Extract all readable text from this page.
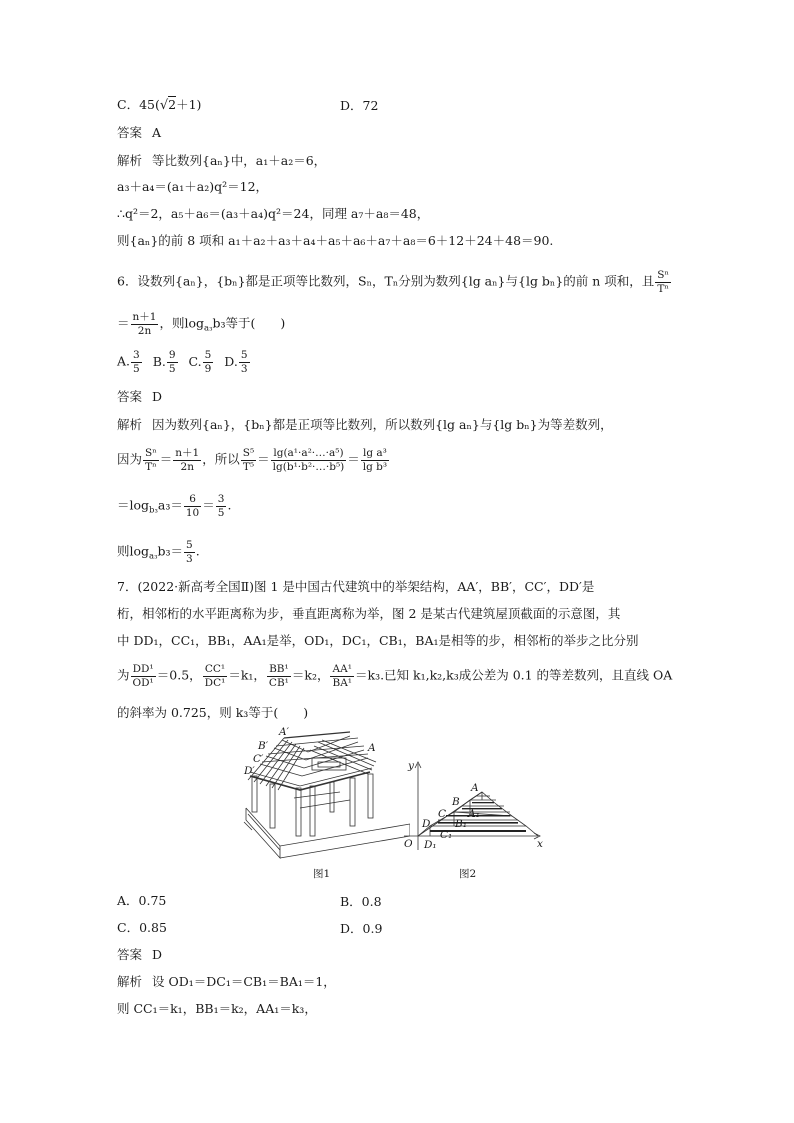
C．45(√2＋1)	D．72
答案 A
解析 等比数列{aₙ}中，a₁＋a₂＝6，
a₃＋a₄＝(a₁＋a₂)q²＝12，
∴q²＝2，a₅＋a₆＝(a₃＋a₄)q²＝24，同理 a₇＋a₈＝48，
则{aₙ}的前 8 项和 a₁＋a₂＋a₃＋a₄＋a₅＋a₆＋a₇＋a₈＝6＋12＋24＋48＝90.
6．设数列{aₙ}，{bₙ}都是正项等比数列，Sₙ，Tₙ分别为数列{lg aₙ}与{lg bₙ}的前 n 项和，且 $\frac{\text{Sⁿ}}{\text{Tⁿ}}$
＝ $\frac{n+1}{2n}$ ，则$\log_{a_3}b_3$等于(　　)
A. $\frac{3}{5} B$. $\frac{9}{5} C$. $\frac{5}{9} D$. $\frac{5}{3}$
答案 D
解析 因为数列{aₙ}，{bₙ}都是正项等比数列，所以数列{lg aₙ}与{lg bₙ}为等差数列，
因为 $\frac{\text{Sⁿ}}{\text{Tⁿ}} = \frac{n+1}{2n}$ ，所以 $\frac{\text{S⁵}}{\text{T⁵}} = \frac{\text{lg(a¹·a²·…·a⁵)}}{\text{lg(b¹·b²·…·b⁵)}} = \frac{\text{lg a³}}{\text{lg b³}}$
$=\log_{b_3}a_3= \frac{6}{10} = \frac{3}{5}$ .
则$\log_{a_3}b_3= \frac{5}{3}$ .
7．(2022·新高考全国Ⅱ)图 1 是中国古代建筑中的举架结构，AA′，BB′，CC′，DD′是
桁，相邻桁的水平距离称为步，垂直距离称为举，图 2 是某古代建筑屋顶截面的示意图，其
中 DD₁，CC₁，BB₁，AA₁是举，OD₁，DC₁，CB₁，BA₁是相等的步，相邻桁的举步之比分别
为 $\frac{\text{DD¹}}{\text{OD¹}} =0.5$， $\frac{\text{CC¹}}{\text{DC¹}} =k_1$， $\frac{\text{BB¹}}{\text{CB¹}} =k_2$， $\frac{\text{AA¹}}{\text{BA¹}} =k_3$.已知 k₁,k₂,k₃成公差为 0.1 的等差数列，且直线 OA
的斜率为 0.725，则 k₃等于(　　)
A′
B′
C′
D′
A
图1
y
A
B
A₁
C
B₁
D
C₁
O D₁	x
图2
A．0.75	B．0.8
C．0.85	D．0.9
答案 D
解析 设 OD₁＝DC₁＝CB₁＝BA₁＝1，
则 CC₁＝k₁，BB₁＝k₂，AA₁＝k₃，
